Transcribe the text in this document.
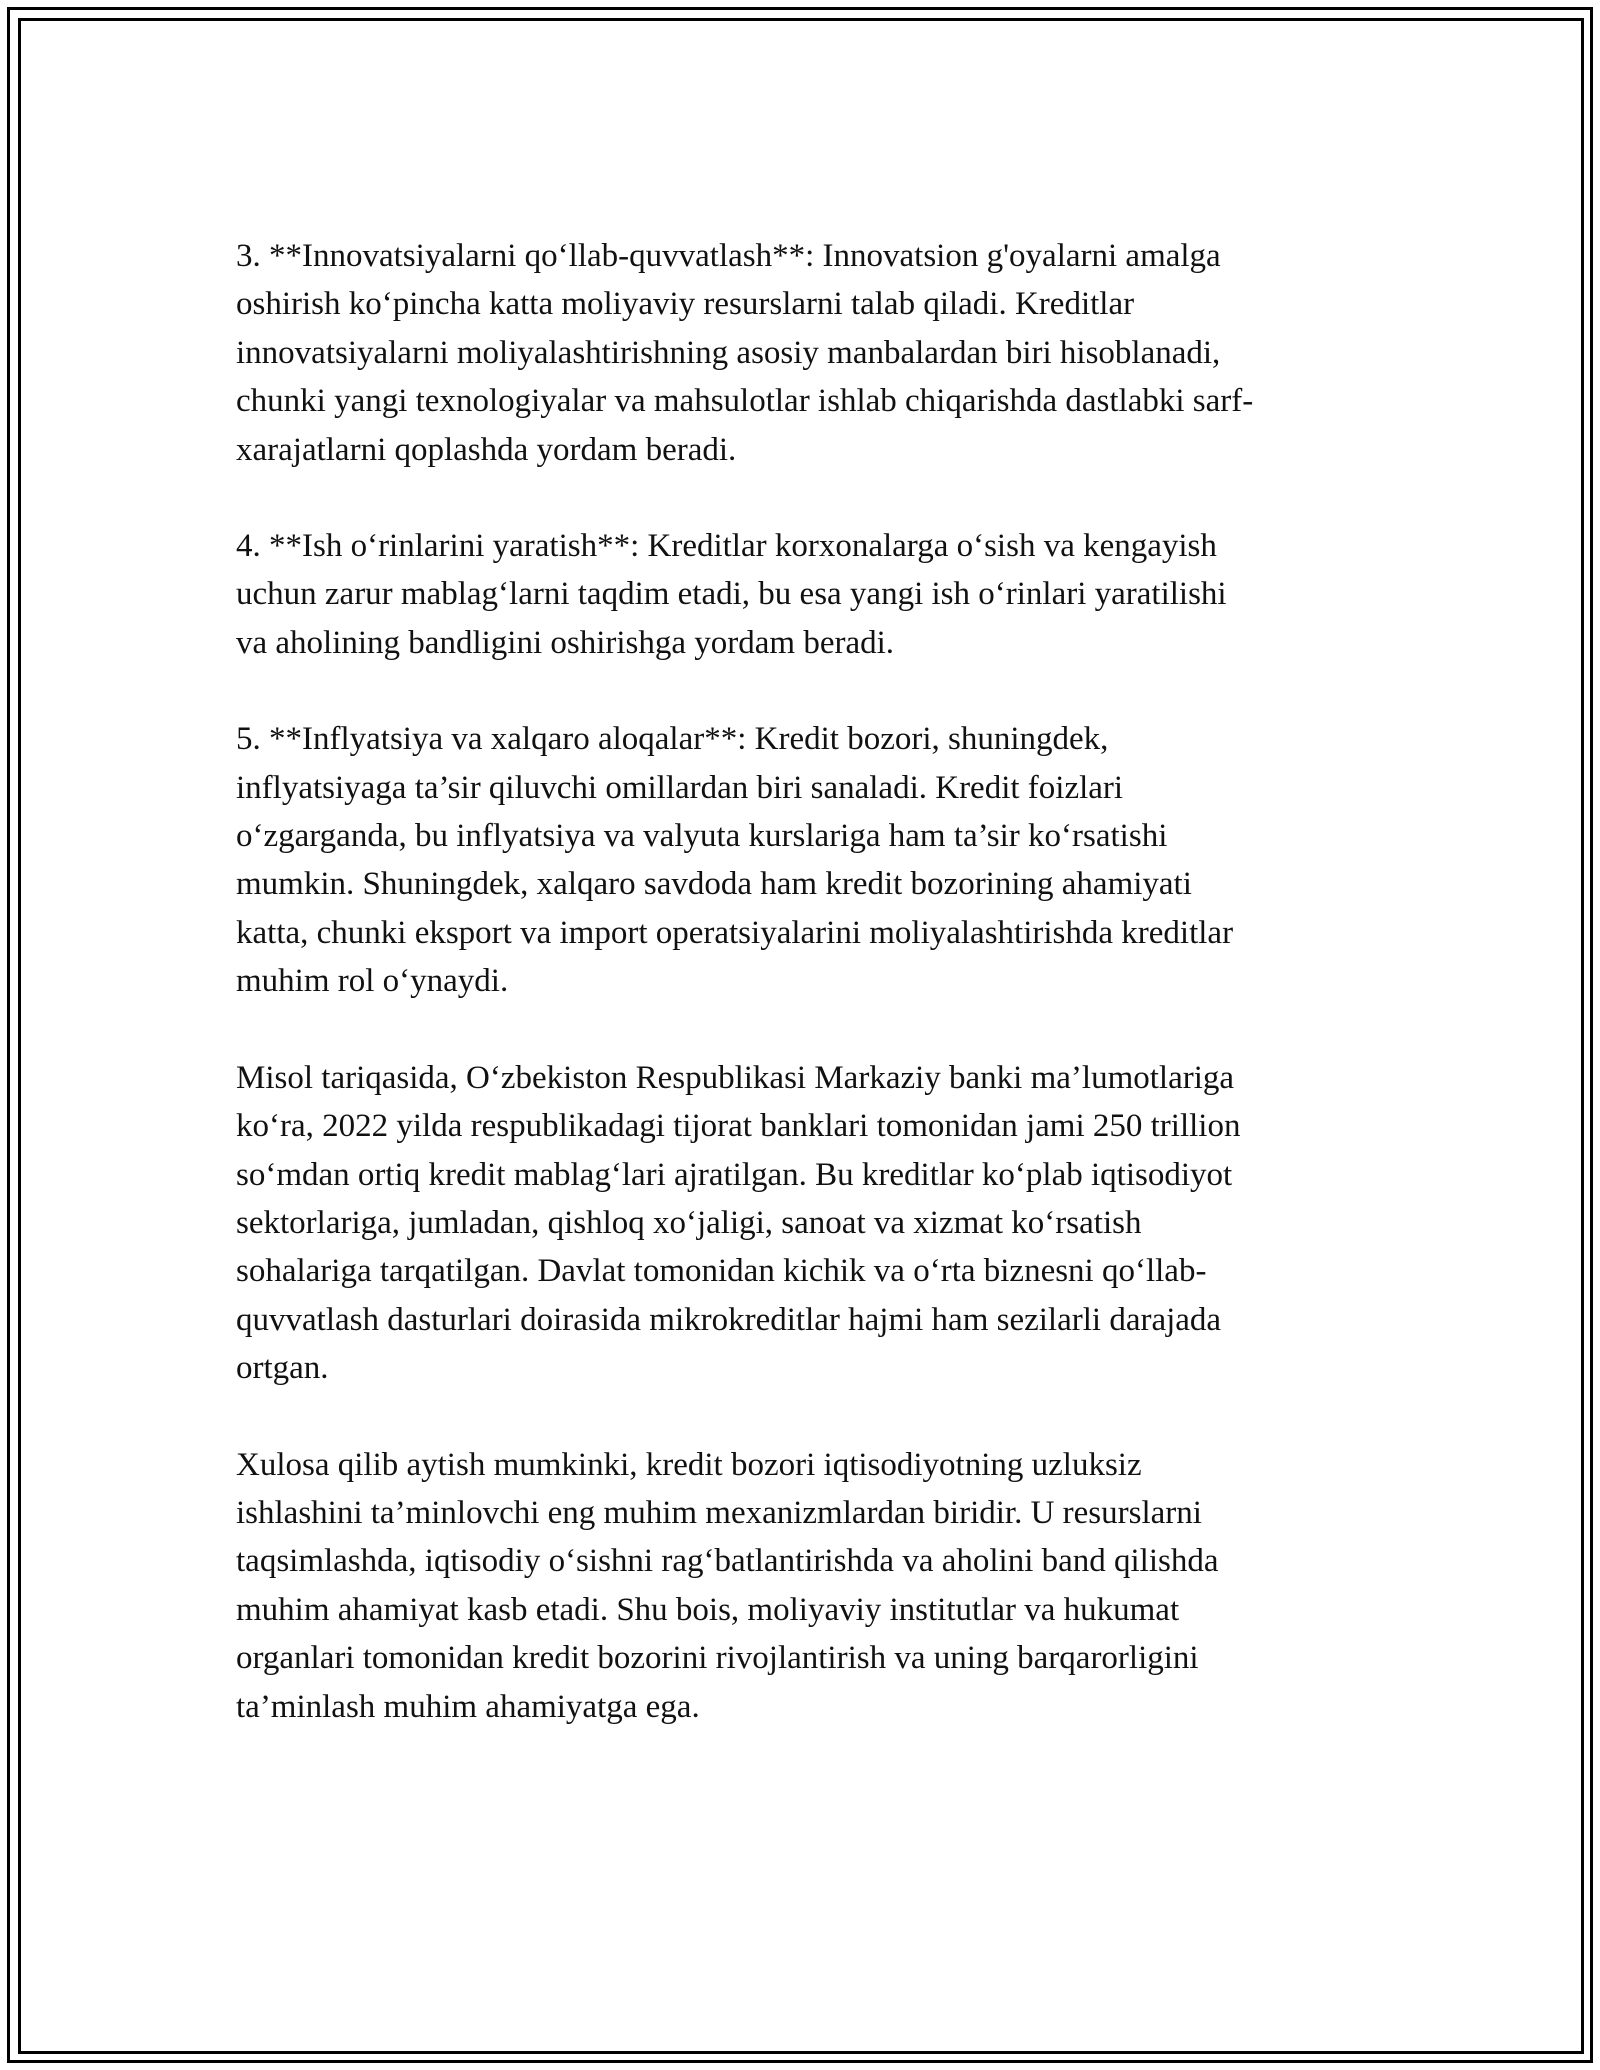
3. **Innovatsiyalarni qo‘llab-quvvatlash**: Innovatsion g'oyalarni amalga
oshirish ko‘pincha katta moliyaviy resurslarni talab qiladi. Kreditlar
innovatsiyalarni moliyalashtirishning asosiy manbalardan biri hisoblanadi,
chunki yangi texnologiyalar va mahsulotlar ishlab chiqarishda dastlabki sarf-
xarajatlarni qoplashda yordam beradi.

4. **Ish o‘rinlarini yaratish**: Kreditlar korxonalarga o‘sish va kengayish
uchun zarur mablag‘larni taqdim etadi, bu esa yangi ish o‘rinlari yaratilishi
va aholining bandligini oshirishga yordam beradi.

5. **Inflyatsiya va xalqaro aloqalar**: Kredit bozori, shuningdek,
inflyatsiyaga ta’sir qiluvchi omillardan biri sanaladi. Kredit foizlari
o‘zgarganda, bu inflyatsiya va valyuta kurslariga ham ta’sir ko‘rsatishi
mumkin. Shuningdek, xalqaro savdoda ham kredit bozorining ahamiyati
katta, chunki eksport va import operatsiyalarini moliyalashtirishda kreditlar
muhim rol o‘ynaydi.

Misol tariqasida, O‘zbekiston Respublikasi Markaziy banki ma’lumotlariga
ko‘ra, 2022 yilda respublikadagi tijorat banklari tomonidan jami 250 trillion
so‘mdan ortiq kredit mablag‘lari ajratilgan. Bu kreditlar ko‘plab iqtisodiyot
sektorlariga, jumladan, qishloq xo‘jaligi, sanoat va xizmat ko‘rsatish
sohalariga tarqatilgan. Davlat tomonidan kichik va o‘rta biznesni qo‘llab-
quvvatlash dasturlari doirasida mikrokreditlar hajmi ham sezilarli darajada
ortgan.

Xulosa qilib aytish mumkinki, kredit bozori iqtisodiyotning uzluksiz
ishlashini ta’minlovchi eng muhim mexanizmlardan biridir. U resurslarni
taqsimlashda, iqtisodiy o‘sishni rag‘batlantirishda va aholini band qilishda
muhim ahamiyat kasb etadi. Shu bois, moliyaviy institutlar va hukumat
organlari tomonidan kredit bozorini rivojlantirish va uning barqarorligini
ta’minlash muhim ahamiyatga ega.
